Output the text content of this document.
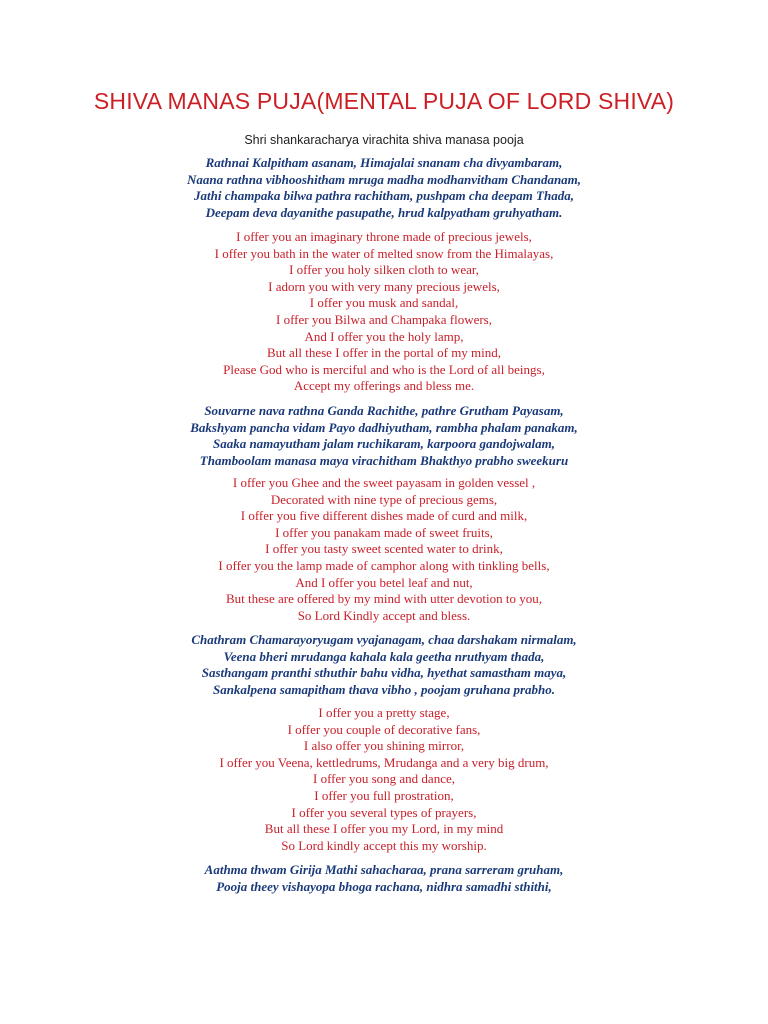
SHIVA MANAS PUJA(MENTAL PUJA OF LORD SHIVA)
Shri shankaracharya virachita shiva manasa pooja
Rathnai Kalpitham asanam, Himajalai snanam cha divyambaram,
Naana rathna vibhooshitham mruga madha modhanvitham Chandanam,
Jathi champaka bilwa pathra rachitham, pushpam cha deepam Thada,
Deepam deva dayanithe pasupathe, hrud kalpyatham gruhyatham.
I offer you an imaginary throne made of precious jewels,
I offer you bath in the water of melted snow from the Himalayas,
I offer you holy silken cloth to wear,
I adorn you with very many precious jewels,
I offer you musk and sandal,
I offer you Bilwa and Champaka flowers,
And I offer you the holy lamp,
But all these I offer in the portal of my mind,
Please God who is merciful and who is the Lord of all beings,
Accept my offerings and bless me.
Souvarne nava rathna Ganda Rachithe, pathre Grutham Payasam,
Bakshyam pancha vidam Payo dadhiyutham, rambha phalam panakam,
Saaka namayutham jalam ruchikaram, karpoora gandojwalam,
Thamboolam manasa maya virachitham Bhakthyo prabho sweekuru
I offer you Ghee and the sweet payasam in golden vessel ,
Decorated with nine type of precious gems,
I offer you five different dishes made of curd and milk,
I offer you panakam made of sweet fruits,
I offer you tasty sweet scented water to drink,
I offer you the lamp made of camphor along with tinkling bells,
And I offer you betel leaf and nut,
But these are offered by my mind with utter devotion to you,
So Lord Kindly accept and bless.
Chathram Chamarayoryugam vyajanagam, chaa darshakam nirmalam,
Veena bheri mrudanga kahala kala geetha nruthyam thada,
Sasthangam pranthi sthuthir bahu vidha, hyethat samastham maya,
Sankalpena samapitham thava vibho , poojam gruhana prabho.
I offer you a pretty stage,
I offer you couple of decorative fans,
I also offer you shining mirror,
I offer you Veena, kettledrums, Mrudanga and a very big drum,
I offer you song and dance,
I offer you full prostration,
I offer you several types of prayers,
But all these I offer you my Lord, in my mind
So Lord kindly accept this my worship.
Aathma thwam Girija Mathi sahacharaa, prana sarreram gruham,
Pooja theey vishayopa bhoga rachana, nidhra samadhi sthithi,
